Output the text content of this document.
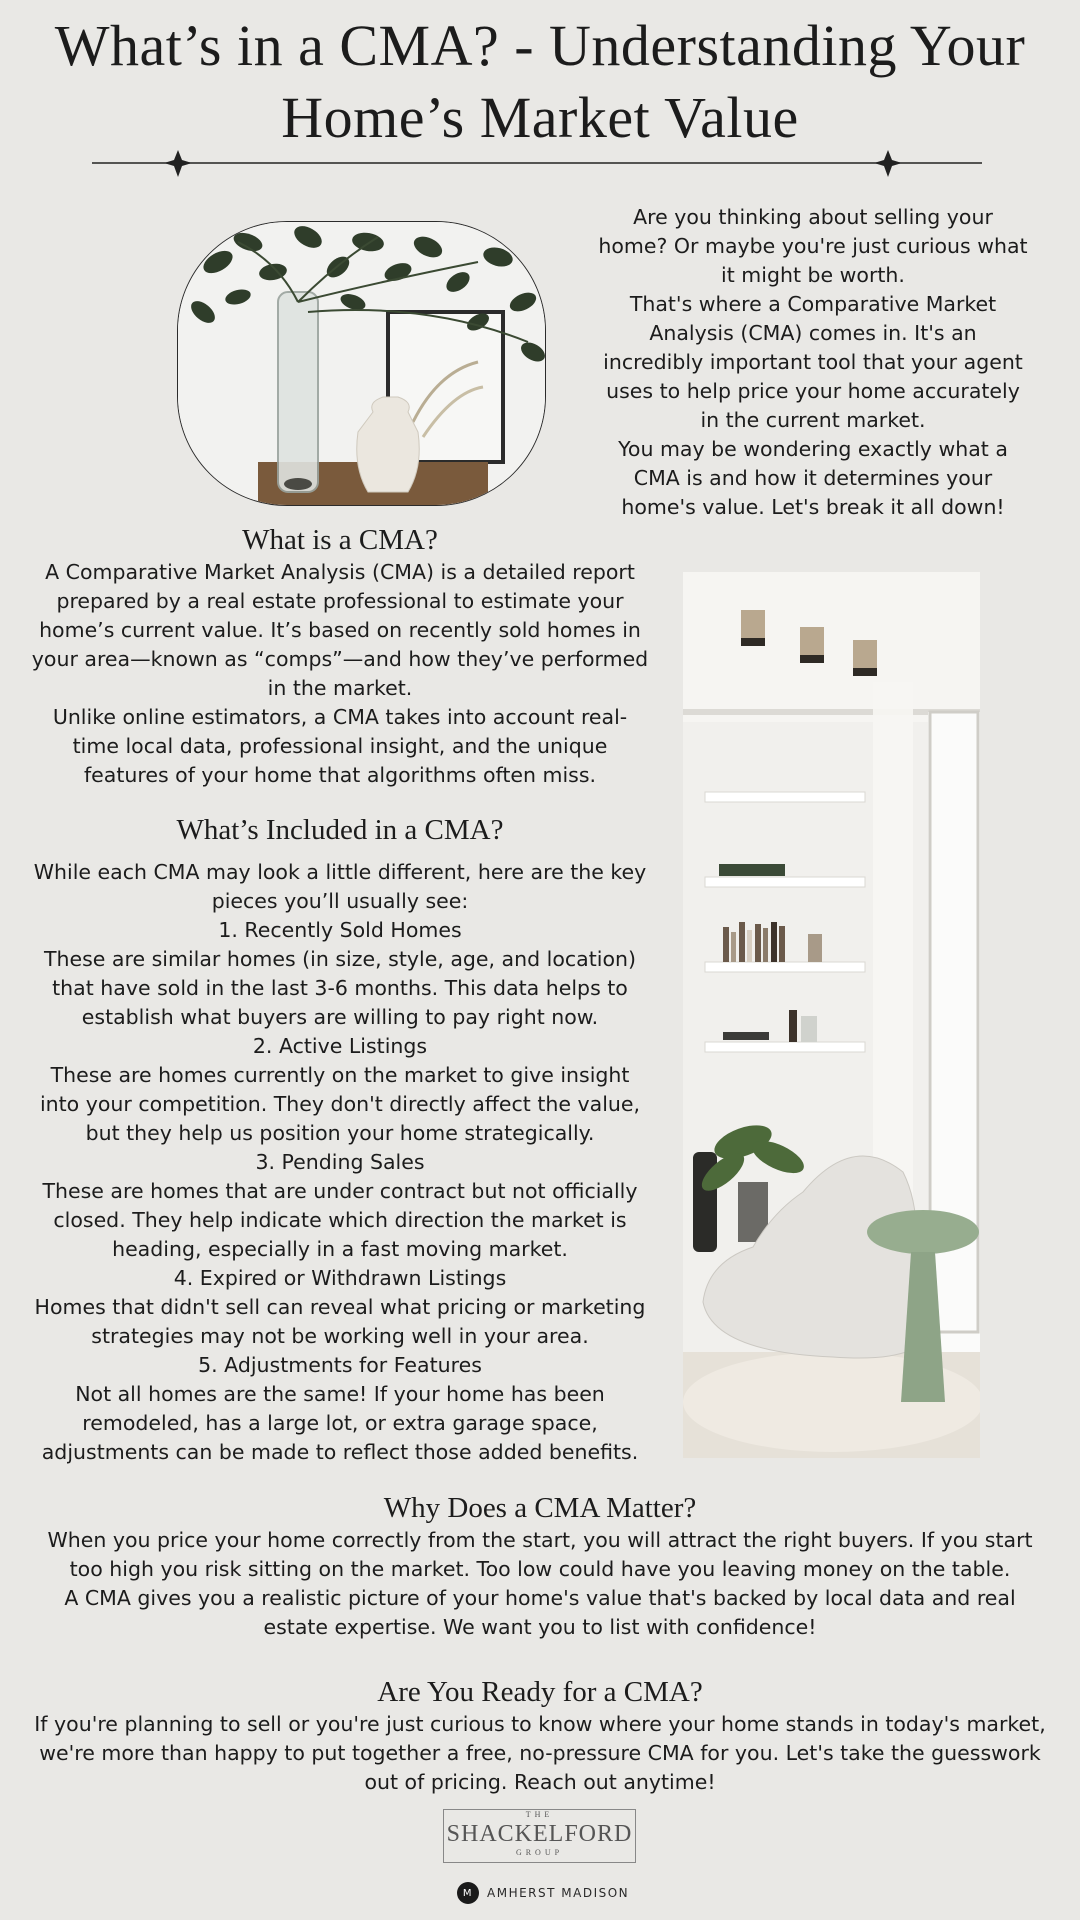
What’s in a CMA? - Understanding Your
Home’s Market Value

Are you thinking about selling your home? Or maybe you're just curious what it might be worth.

That's where a Comparative Market Analysis (CMA) comes in. It's an incredibly important tool that your agent uses to help price your home accurately in the current market.

You may be wondering exactly what a CMA is and how it determines your home's value. Let's break it all down!

What is a CMA?

A Comparative Market Analysis (CMA) is a detailed report prepared by a real estate professional to estimate your home’s current value. It’s based on recently sold homes in your area—known as “comps”—and how they’ve performed in the market.

Unlike online estimators, a CMA takes into account real-time local data, professional insight, and the unique features of your home that algorithms often miss.

What’s Included in a CMA?

While each CMA may look a little different, here are the key pieces you’ll usually see:

1. Recently Sold Homes

These are similar homes (in size, style, age, and location) that have sold in the last 3-6 months. This data helps to establish what buyers are willing to pay right now.

2. Active Listings

These are homes currently on the market to give insight into your competition. They don't directly affect the value, but they help us position your home strategically.

3. Pending Sales

These are homes that are under contract but not officially closed. They help indicate which direction the market is heading, especially in a fast moving market.

4. Expired or Withdrawn Listings

Homes that didn't sell can reveal what pricing or marketing strategies may not be working well in your area.

5. Adjustments for Features

Not all homes are the same! If your home has been remodeled, has a large lot, or extra garage space, adjustments can be made to reflect those added benefits.

Why Does a CMA Matter?

When you price your home correctly from the start, you will attract the right buyers. If you start too high you risk sitting on the market. Too low could have you leaving money on the table.

A CMA gives you a realistic picture of your home's value that's backed by local data and real estate expertise. We want you to list with confidence!

Are You Ready for a CMA?

If you're planning to sell or you're just curious to know where your home stands in today's market, we're more than happy to put together a free, no-pressure CMA for you. Let's take the guesswork out of pricing. Reach out anytime!

THE
SHACKELFORD
GROUP
M	AMHERST MADISON
